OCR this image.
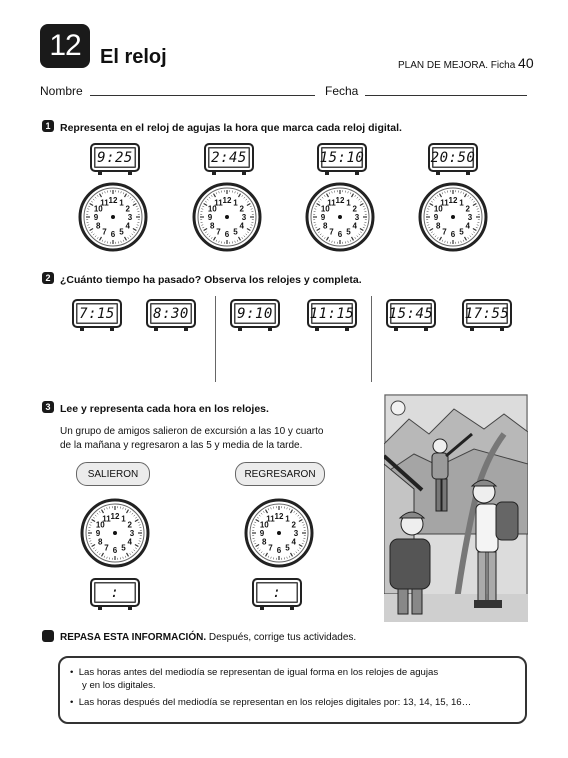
12 El reloj	PLAN DE MEJORA. Ficha 40
Nombre	Fecha
1 Representa en el reloj de agujas la hora que marca cada reloj digital.
9:25	2:45	15:10	20:50
12 1
2
3
4
5
6
7
8
9
10
11	12 1
2
3
4
5
6
7
8
9
10
11	12 1
2
3
4
5
6
7
8
9
10
11	12 1
2
3
4
5
6
7
8
9
10
11
2 ¿Cuánto tiempo ha pasado? Observa los relojes y completa.
7:15	8:30	9:10	11:15 15:45 17:55
3 Lee y representa cada hora en los relojes.
Un grupo de amigos salieron de excursión a las 10 y cuarto
de la mañana y regresaron a las 5 y media de la tarde.
SALIERON	REGRESARON
12 1
2
3
4
5
6
7
8
9
10
11	12 1
2
3
4
5
6
7
8
9
10
11
:	:
REPASA ESTA INFORMACIÓN. Después, corrige tus actividades.
•  Las horas antes del mediodía se representan de igual forma en los relojes de agujas
y en los digitales.
•  Las horas después del mediodía se representan en los relojes digitales por: 13, 14, 15, 16…
